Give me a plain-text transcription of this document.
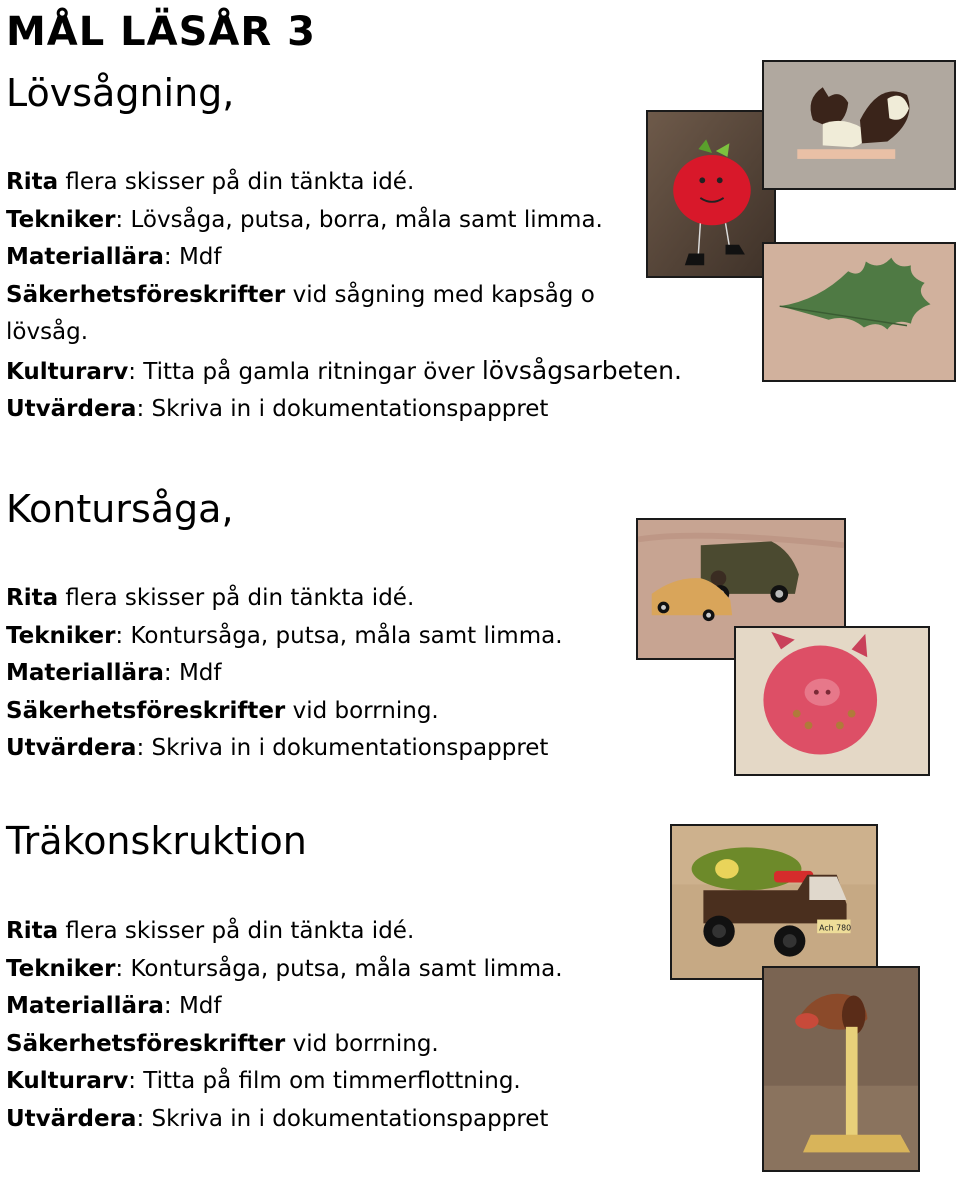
MÅL LÄSÅR 3
Lövsågning,
Rita flera skisser på din tänkta idé.
Tekniker: Lövsåga, putsa, borra, måla samt limma.
Materiallära: Mdf
Säkerhetsföreskrifter vid sågning med kapsåg o
lövsåg.
Kulturarv: Titta på gamla ritningar över lövsågsarbeten.
Utvärdera: Skriva in i dokumentationspappret
Kontursåga,
Rita flera skisser på din tänkta idé.
Tekniker: Kontursåga, putsa, måla samt limma.
Materiallära: Mdf
Säkerhetsföreskrifter vid borrning.
Utvärdera: Skriva in i dokumentationspappret
Träkonskruktion
Rita flera skisser på din tänkta idé.
Tekniker: Kontursåga, putsa, måla samt limma.
Materiallära: Mdf
Säkerhetsföreskrifter vid borrning.
Kulturarv: Titta på film om timmerflottning.
Utvärdera: Skriva in i dokumentationspappret
Ach 780
